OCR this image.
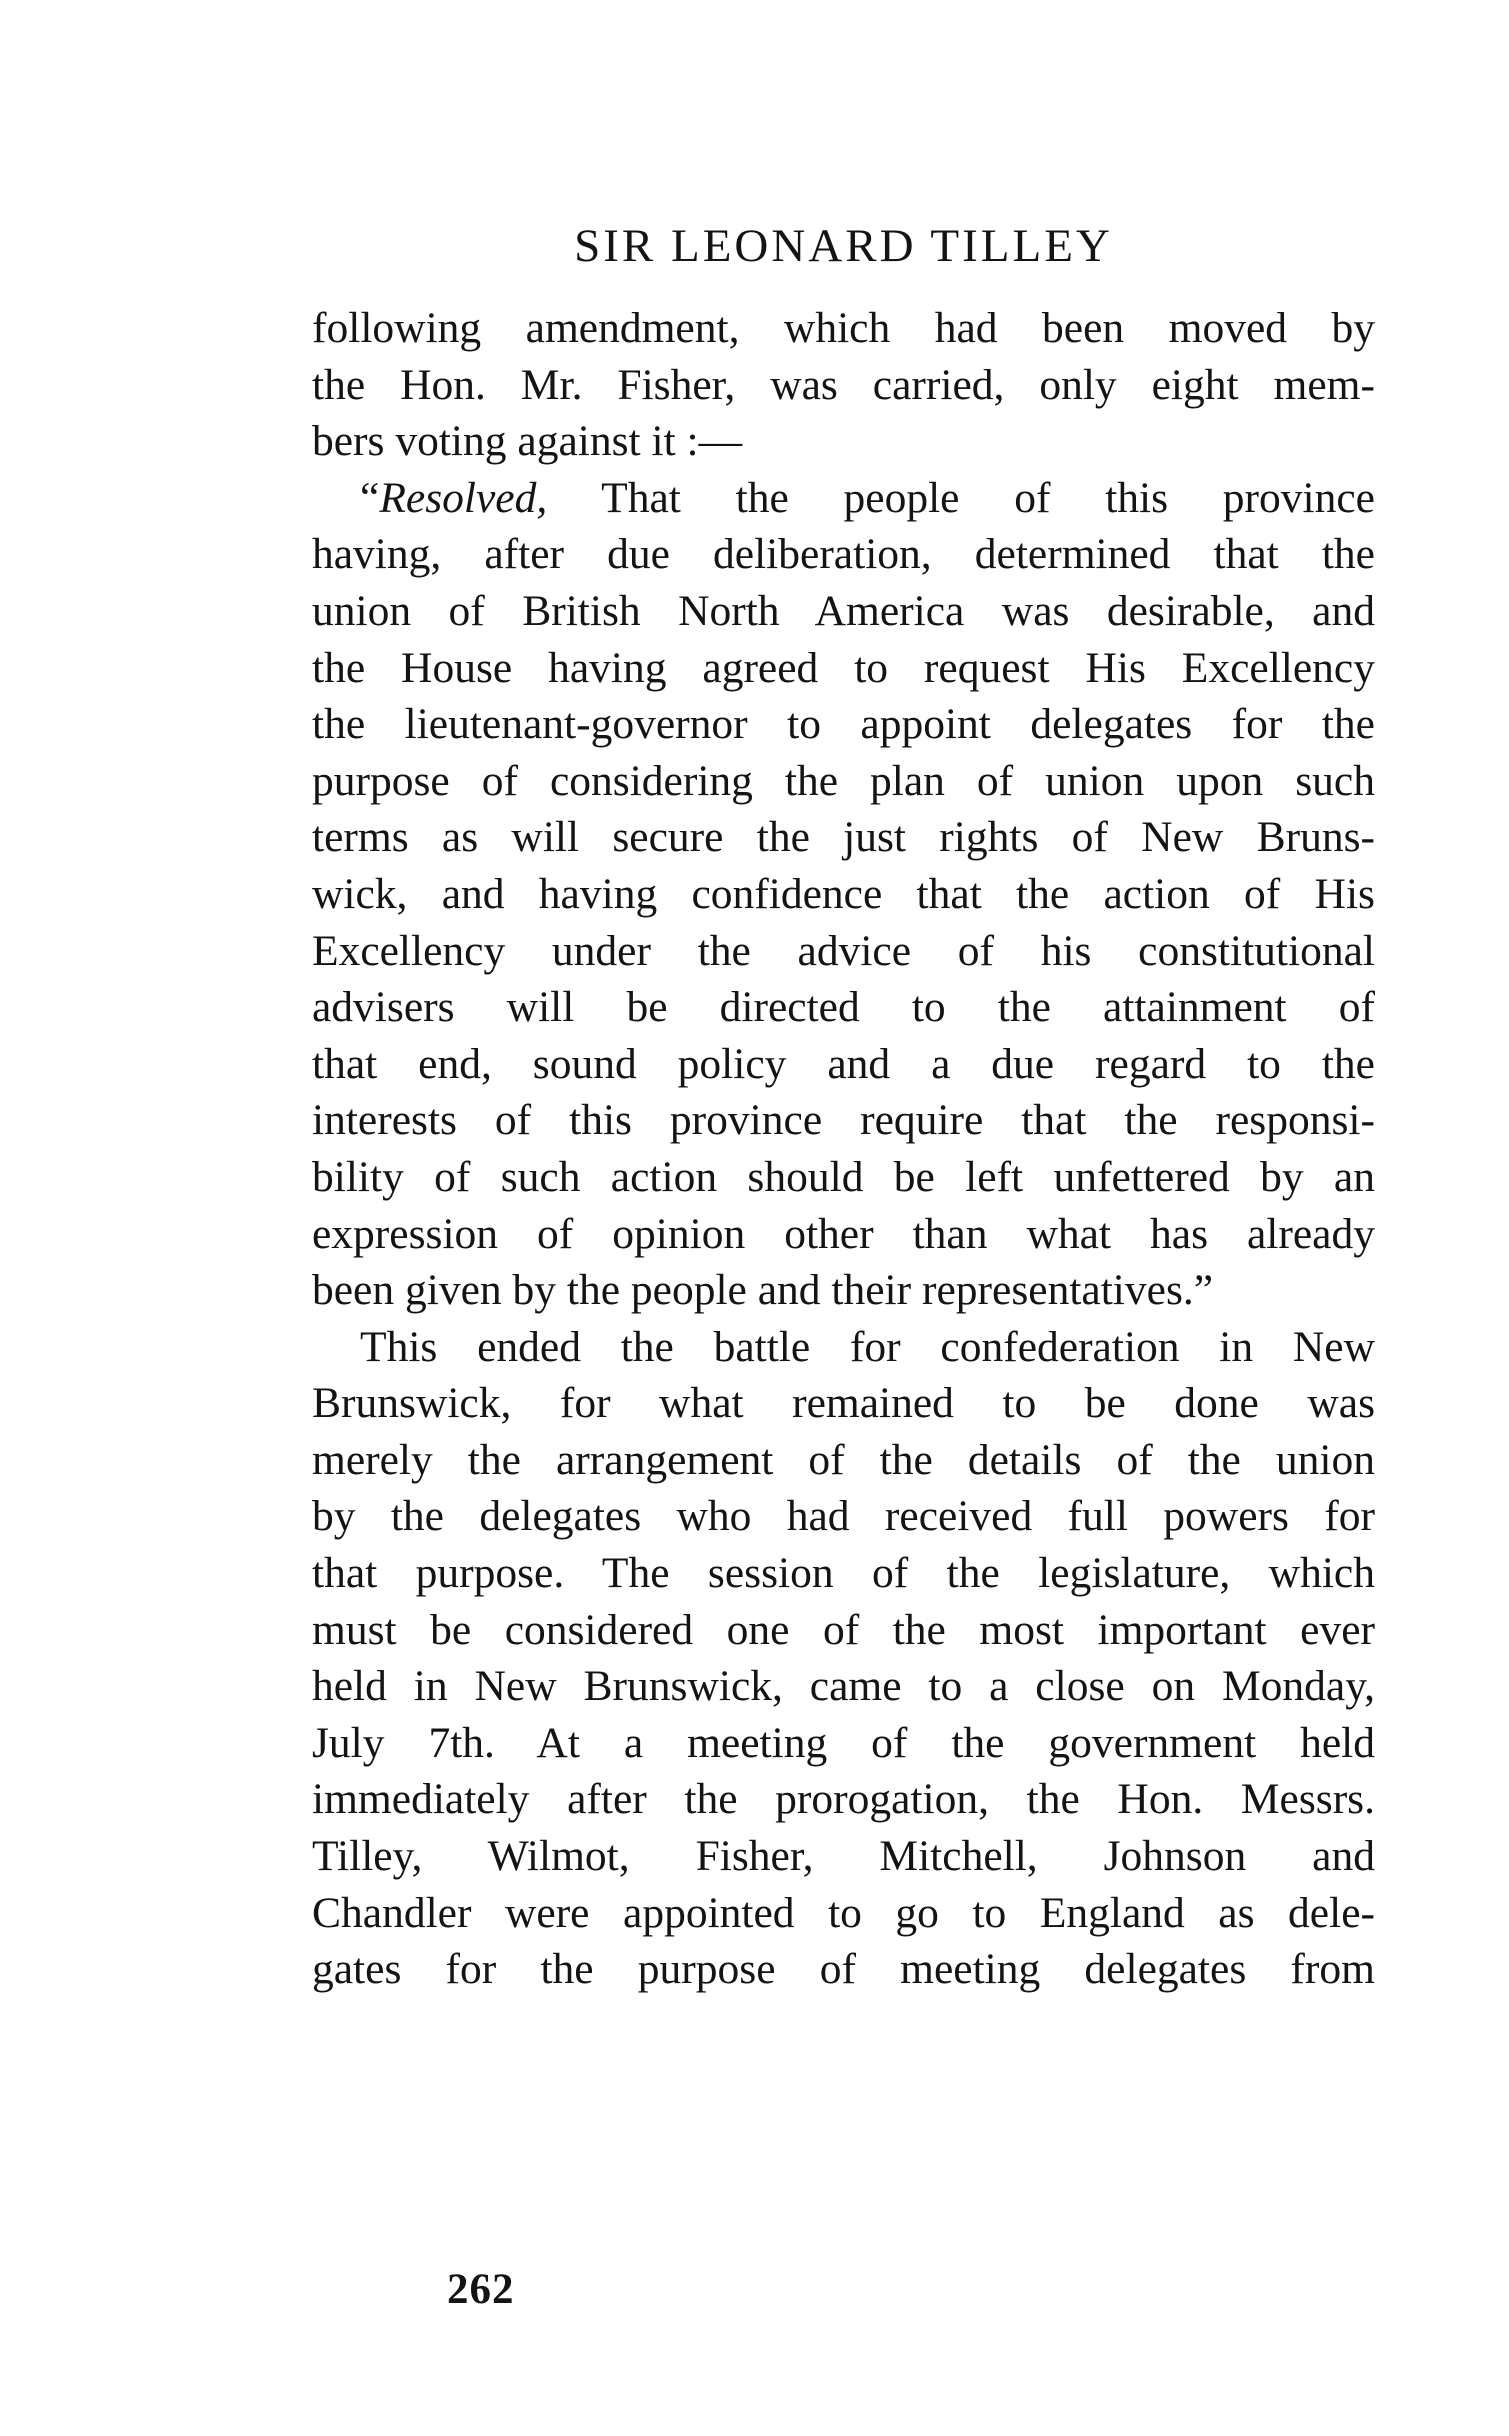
SIR LEONARD TILLEY
following amendment, which had been moved by
the Hon. Mr. Fisher, was carried, only eight mem-
bers voting against it :—
“Resolved, That the people of this province
having, after due deliberation, determined that the
union of British North America was desirable, and
the House having agreed to request His Excellency
the lieutenant-governor to appoint delegates for the
purpose of considering the plan of union upon such
terms as will secure the just rights of New Bruns-
wick, and having confidence that the action of His
Excellency under the advice of his constitutional
advisers will be directed to the attainment of
that end, sound policy and a due regard to the
interests of this province require that the responsi-
bility of such action should be left unfettered by an
expression of opinion other than what has already
been given by the people and their representatives.”
This ended the battle for confederation in New
Brunswick, for what remained to be done was
merely the arrangement of the details of the union
by the delegates who had received full powers for
that purpose. The session of the legislature, which
must be considered one of the most important ever
held in New Brunswick, came to a close on Monday,
July 7th. At a meeting of the government held
immediately after the prorogation, the Hon. Messrs.
Tilley, Wilmot, Fisher, Mitchell, Johnson and
Chandler were appointed to go to England as dele-
gates for the purpose of meeting delegates from
262
